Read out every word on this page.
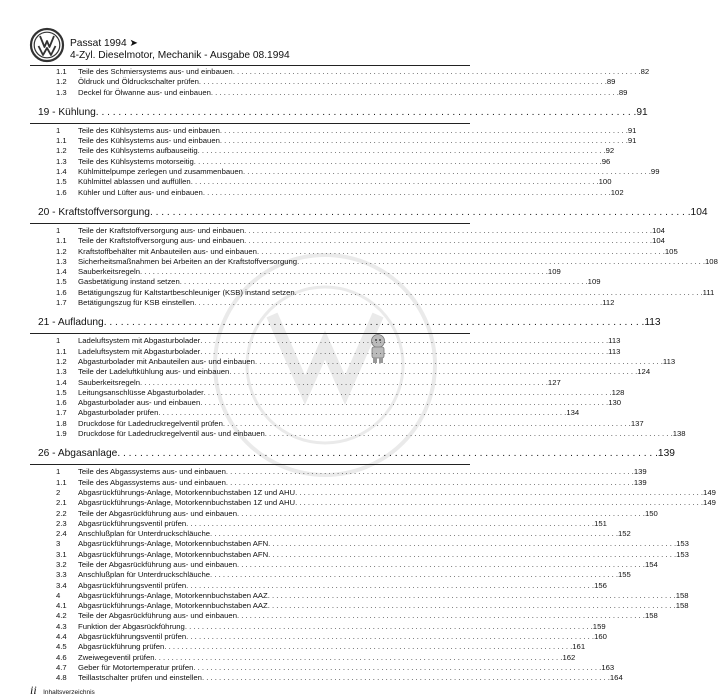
Passat 1994 ➤
4-Zyl. Dieselmotor, Mechanik - Ausgabe 08.1994
1.1 Teile des Schmiersystems aus- und einbauen . . . . . . . . . . . . . . . . . . . . . . . . . . . . . . . . . . . . . . . . . . . . . . . . . . . . . . . . . . . . . . . . . . . . . . . . . . . . . . . . . . . . . . . . . . . . . . . . 82
1.2 Öldruck und Öldruckschalter prüfen . . . . . . . . . . . . . . . . . . . . . . . . . . . . . . . . . . . . . . . . . . . . . . . . . . . . . . . . . . . . . . . . . . . . . . . . . . . . . . . . . . . . . . . . . . . . . . . . 89
1.3 Deckel für Ölwanne aus- und einbauen . . . . . . . . . . . . . . . . . . . . . . . . . . . . . . . . . . . . . . . . . . . . . . . . . . . . . . . . . . . . . . . . . . . . . . . . . . . . . . . . . . . . . . . . . . . . . . . . 89
19 - Kühlung . . . . . . . . . . . . . . . . . . . . . . . . . . . . . . . . . . . . . . . . . . . . . . . . . . . . . . . . . . . . . . . . . . . . . . . . . . . . . . . . . . . . . . . . . . . . . . . . 91
1 Teile des Kühlsystems aus- und einbauen . . . . . . . . . . . . . . . . . . . . . . . . . . . . . . . . . . . . . . . . . . . . . . . . . . . . . . . . . . . . . . . . . . . . . . . . . . . . . . . . . . . . . . . . . . . . . . . . 91
1.1 Teile des Kühlsystems aus- und einbauen . . . . . . . . . . . . . . . . . . . . . . . . . . . . . . . . . . . . . . . . . . . . . . . . . . . . . . . . . . . . . . . . . . . . . . . . . . . . . . . . . . . . . . . . . . . . . . . . 91
1.2 Teile des Kühlsystems aufbauseitig . . . . . . . . . . . . . . . . . . . . . . . . . . . . . . . . . . . . . . . . . . . . . . . . . . . . . . . . . . . . . . . . . . . . . . . . . . . . . . . . . . . . . . . . . . . . . . . . 92
1.3 Teile des Kühlsystems motorseitig . . . . . . . . . . . . . . . . . . . . . . . . . . . . . . . . . . . . . . . . . . . . . . . . . . . . . . . . . . . . . . . . . . . . . . . . . . . . . . . . . . . . . . . . . . . . . . . . 96
1.4 Kühlmittelpumpe zerlegen und zusammenbauen . . . . . . . . . . . . . . . . . . . . . . . . . . . . . . . . . . . . . . . . . . . . . . . . . . . . . . . . . . . . . . . . . . . . . . . . . . . . . . . . . . . . . . . . . . . . . . . . 99
1.5 Kühlmittel ablassen und auffüllen . . . . . . . . . . . . . . . . . . . . . . . . . . . . . . . . . . . . . . . . . . . . . . . . . . . . . . . . . . . . . . . . . . . . . . . . . . . . . . . . . . . . . . . . . . . . . . . . 100
1.6 Kühler und Lüfter aus- und einbauen . . . . . . . . . . . . . . . . . . . . . . . . . . . . . . . . . . . . . . . . . . . . . . . . . . . . . . . . . . . . . . . . . . . . . . . . . . . . . . . . . . . . . . . . . . . . . . . . 102
20 - Kraftstoffversorgung . . . . . . . . . . . . . . . . . . . . . . . . . . . . . . . . . . . . . . . . . . . . . . . . . . . . . . . . . . . . . . . . . . . . . . . . . . . . . . . . . . . . . . . . . . . . . . . . 104
1 Teile der Kraftstoffversorgung aus- und einbauen . . . . . . . . . . . . . . . . . . . . . . . . . . . . . . . . . . . . . . . . . . . . . . . . . . . . . . . . . . . . . . . . . . . . . . . . . . . . . . . . . . . . . . . . . . . . . . . . 104
1.1 Teile der Kraftstoffversorgung aus- und einbauen . . . . . . . . . . . . . . . . . . . . . . . . . . . . . . . . . . . . . . . . . . . . . . . . . . . . . . . . . . . . . . . . . . . . . . . . . . . . . . . . . . . . . . . . . . . . . . . . 104
1.2 Kraftstoffbehälter mit Anbauteilen aus- und einbauen . . . . . . . . . . . . . . . . . . . . . . . . . . . . . . . . . . . . . . . . . . . . . . . . . . . . . . . . . . . . . . . . . . . . . . . . . . . . . . . . . . . . . . . . . . . . . . . . 105
1.3 Sicherheitsmaßnahmen bei Arbeiten an der Kraftstoffversorgung . . . . . . . . . . . . . . . . . . . . . . . . . . . . . . . . . . . . . . . . . . . . . . . . . . . . . . . . . . . . . . . . . . . . . . . . . . . . . . . . . . . . . . . . . . . . . . . . 108
1.4 Sauberkeitsregeln . . . . . . . . . . . . . . . . . . . . . . . . . . . . . . . . . . . . . . . . . . . . . . . . . . . . . . . . . . . . . . . . . . . . . . . . . . . . . . . . . . . . . . . . . . . . . . . . 109
1.5 Gasbetätigung instand setzen . . . . . . . . . . . . . . . . . . . . . . . . . . . . . . . . . . . . . . . . . . . . . . . . . . . . . . . . . . . . . . . . . . . . . . . . . . . . . . . . . . . . . . . . . . . . . . . . 109
1.6 Betätigungszug für Kaltstartbeschleuniger (KSB) instand setzen . . . . . . . . . . . . . . . . . . . . . . . . . . . . . . . . . . . . . . . . . . . . . . . . . . . . . . . . . . . . . . . . . . . . . . . . . . . . . . . . . . . . . . . . . . . . . . . . 111
1.7 Betätigungszug für KSB einstellen . . . . . . . . . . . . . . . . . . . . . . . . . . . . . . . . . . . . . . . . . . . . . . . . . . . . . . . . . . . . . . . . . . . . . . . . . . . . . . . . . . . . . . . . . . . . . . . . 112
21 - Aufladung . . . . . . . . . . . . . . . . . . . . . . . . . . . . . . . . . . . . . . . . . . . . . . . . . . . . . . . . . . . . . . . . . . . . . . . . . . . . . . . . . . . . . . . . . . . . . . . . 113
1 Ladeluftsystem mit Abgasturbolader . . . . . . . . . . . . . . . . . . . . . . . . . . . . . . . . . . . . . . . . . . . . . . . . . . . . . . . . . . . . . . . . . . . . . . . . . . . . . . . . . . . . . . . . . . . . . . . . 113
1.1 Ladeluftsystem mit Abgasturbolader . . . . . . . . . . . . . . . . . . . . . . . . . . . . . . . . . . . . . . . . . . . . . . . . . . . . . . . . . . . . . . . . . . . . . . . . . . . . . . . . . . . . . . . . . . . . . . . . 113
1.2 Abgasturbolader mit Anbauteilen aus- und einbauen . . . . . . . . . . . . . . . . . . . . . . . . . . . . . . . . . . . . . . . . . . . . . . . . . . . . . . . . . . . . . . . . . . . . . . . . . . . . . . . . . . . . . . . . . . . . . . . . 113
1.3 Teile der Ladeluftkühlung aus- und einbauen . . . . . . . . . . . . . . . . . . . . . . . . . . . . . . . . . . . . . . . . . . . . . . . . . . . . . . . . . . . . . . . . . . . . . . . . . . . . . . . . . . . . . . . . . . . . . . . . 124
1.4 Sauberkeitsregeln . . . . . . . . . . . . . . . . . . . . . . . . . . . . . . . . . . . . . . . . . . . . . . . . . . . . . . . . . . . . . . . . . . . . . . . . . . . . . . . . . . . . . . . . . . . . . . . . 127
1.5 Leitungsanschlüsse Abgasturbolader . . . . . . . . . . . . . . . . . . . . . . . . . . . . . . . . . . . . . . . . . . . . . . . . . . . . . . . . . . . . . . . . . . . . . . . . . . . . . . . . . . . . . . . . . . . . . . . . 128
1.6 Abgasturbolader aus- und einbauen . . . . . . . . . . . . . . . . . . . . . . . . . . . . . . . . . . . . . . . . . . . . . . . . . . . . . . . . . . . . . . . . . . . . . . . . . . . . . . . . . . . . . . . . . . . . . . . . 130
1.7 Abgasturbolader prüfen . . . . . . . . . . . . . . . . . . . . . . . . . . . . . . . . . . . . . . . . . . . . . . . . . . . . . . . . . . . . . . . . . . . . . . . . . . . . . . . . . . . . . . . . . . . . . . . . 134
1.8 Druckdose für Ladedruckregelventil prüfen . . . . . . . . . . . . . . . . . . . . . . . . . . . . . . . . . . . . . . . . . . . . . . . . . . . . . . . . . . . . . . . . . . . . . . . . . . . . . . . . . . . . . . . . . . . . . . . . 137
1.9 Druckdose für Ladedruckregelventil aus- und einbauen . . . . . . . . . . . . . . . . . . . . . . . . . . . . . . . . . . . . . . . . . . . . . . . . . . . . . . . . . . . . . . . . . . . . . . . . . . . . . . . . . . . . . . . . . . . . . . . . 138
26 - Abgasanlage . . . . . . . . . . . . . . . . . . . . . . . . . . . . . . . . . . . . . . . . . . . . . . . . . . . . . . . . . . . . . . . . . . . . . . . . . . . . . . . . . . . . . . . . . . . . . . . . 139
1 Teile des Abgassystems aus- und einbauen . . . . . . . . . . . . . . . . . . . . . . . . . . . . . . . . . . . . . . . . . . . . . . . . . . . . . . . . . . . . . . . . . . . . . . . . . . . . . . . . . . . . . . . . . . . . . . . . 139
1.1 Teile des Abgassystems aus- und einbauen . . . . . . . . . . . . . . . . . . . . . . . . . . . . . . . . . . . . . . . . . . . . . . . . . . . . . . . . . . . . . . . . . . . . . . . . . . . . . . . . . . . . . . . . . . . . . . . . 139
2 Abgasrückführungs-Anlage, Motorkennbuchstaben 1Z und AHU . . . . . . . . . . . . . . . . . . . . . . . . . . . . . . . . . . . . . . . . . . . . . . . . . . . . . . . . . . . . . . . . . . . . . . . . . . . . . . . . . . . . . . . . . . . . . . . . 149
2.1 Abgasrückführungs-Anlage, Motorkennbuchstaben 1Z und AHU . . . . . . . . . . . . . . . . . . . . . . . . . . . . . . . . . . . . . . . . . . . . . . . . . . . . . . . . . . . . . . . . . . . . . . . . . . . . . . . . . . . . . . . . . . . . . . . . 149
2.2 Teile der Abgasrückführung aus- und einbauen . . . . . . . . . . . . . . . . . . . . . . . . . . . . . . . . . . . . . . . . . . . . . . . . . . . . . . . . . . . . . . . . . . . . . . . . . . . . . . . . . . . . . . . . . . . . . . . . 150
2.3 Abgasrückführungsventil prüfen . . . . . . . . . . . . . . . . . . . . . . . . . . . . . . . . . . . . . . . . . . . . . . . . . . . . . . . . . . . . . . . . . . . . . . . . . . . . . . . . . . . . . . . . . . . . . . . . 151
2.4 Anschlußplan für Unterdruckschläuche . . . . . . . . . . . . . . . . . . . . . . . . . . . . . . . . . . . . . . . . . . . . . . . . . . . . . . . . . . . . . . . . . . . . . . . . . . . . . . . . . . . . . . . . . . . . . . . . 152
3 Abgasrückführungs-Anlage, Motorkennbuchstaben AFN . . . . . . . . . . . . . . . . . . . . . . . . . . . . . . . . . . . . . . . . . . . . . . . . . . . . . . . . . . . . . . . . . . . . . . . . . . . . . . . . . . . . . . . . . . . . . . . . 153
3.1 Abgasrückführungs-Anlage, Motorkennbuchstaben AFN . . . . . . . . . . . . . . . . . . . . . . . . . . . . . . . . . . . . . . . . . . . . . . . . . . . . . . . . . . . . . . . . . . . . . . . . . . . . . . . . . . . . . . . . . . . . . . . . 153
3.2 Teile der Abgasrückführung aus- und einbauen . . . . . . . . . . . . . . . . . . . . . . . . . . . . . . . . . . . . . . . . . . . . . . . . . . . . . . . . . . . . . . . . . . . . . . . . . . . . . . . . . . . . . . . . . . . . . . . . 154
3.3 Anschlußplan für Unterdruckschläuche . . . . . . . . . . . . . . . . . . . . . . . . . . . . . . . . . . . . . . . . . . . . . . . . . . . . . . . . . . . . . . . . . . . . . . . . . . . . . . . . . . . . . . . . . . . . . . . . 155
3.4 Abgasrückführungsventil prüfen . . . . . . . . . . . . . . . . . . . . . . . . . . . . . . . . . . . . . . . . . . . . . . . . . . . . . . . . . . . . . . . . . . . . . . . . . . . . . . . . . . . . . . . . . . . . . . . . 156
4 Abgasrückführungs-Anlage, Motorkennbuchstaben AAZ . . . . . . . . . . . . . . . . . . . . . . . . . . . . . . . . . . . . . . . . . . . . . . . . . . . . . . . . . . . . . . . . . . . . . . . . . . . . . . . . . . . . . . . . . . . . . . . . 158
4.1 Abgasrückführungs-Anlage, Motorkennbuchstaben AAZ . . . . . . . . . . . . . . . . . . . . . . . . . . . . . . . . . . . . . . . . . . . . . . . . . . . . . . . . . . . . . . . . . . . . . . . . . . . . . . . . . . . . . . . . . . . . . . . . 158
4.2 Teile der Abgasrückführung aus- und einbauen . . . . . . . . . . . . . . . . . . . . . . . . . . . . . . . . . . . . . . . . . . . . . . . . . . . . . . . . . . . . . . . . . . . . . . . . . . . . . . . . . . . . . . . . . . . . . . . . 158
4.3 Funktion der Abgasrückführung . . . . . . . . . . . . . . . . . . . . . . . . . . . . . . . . . . . . . . . . . . . . . . . . . . . . . . . . . . . . . . . . . . . . . . . . . . . . . . . . . . . . . . . . . . . . . . . . 159
4.4 Abgasrückführungsventil prüfen . . . . . . . . . . . . . . . . . . . . . . . . . . . . . . . . . . . . . . . . . . . . . . . . . . . . . . . . . . . . . . . . . . . . . . . . . . . . . . . . . . . . . . . . . . . . . . . . 160
4.5 Abgasrückführung prüfen . . . . . . . . . . . . . . . . . . . . . . . . . . . . . . . . . . . . . . . . . . . . . . . . . . . . . . . . . . . . . . . . . . . . . . . . . . . . . . . . . . . . . . . . . . . . . . . . 161
4.6 Zweiwegeventil prüfen . . . . . . . . . . . . . . . . . . . . . . . . . . . . . . . . . . . . . . . . . . . . . . . . . . . . . . . . . . . . . . . . . . . . . . . . . . . . . . . . . . . . . . . . . . . . . . . . 162
4.7 Geber für Motortemperatur prüfen . . . . . . . . . . . . . . . . . . . . . . . . . . . . . . . . . . . . . . . . . . . . . . . . . . . . . . . . . . . . . . . . . . . . . . . . . . . . . . . . . . . . . . . . . . . . . . . . 163
4.8 Teillastschalter prüfen und einstellen . . . . . . . . . . . . . . . . . . . . . . . . . . . . . . . . . . . . . . . . . . . . . . . . . . . . . . . . . . . . . . . . . . . . . . . . . . . . . . . . . . . . . . . . . . . . . . . . 164
ii Inhaltsverzeichnis
